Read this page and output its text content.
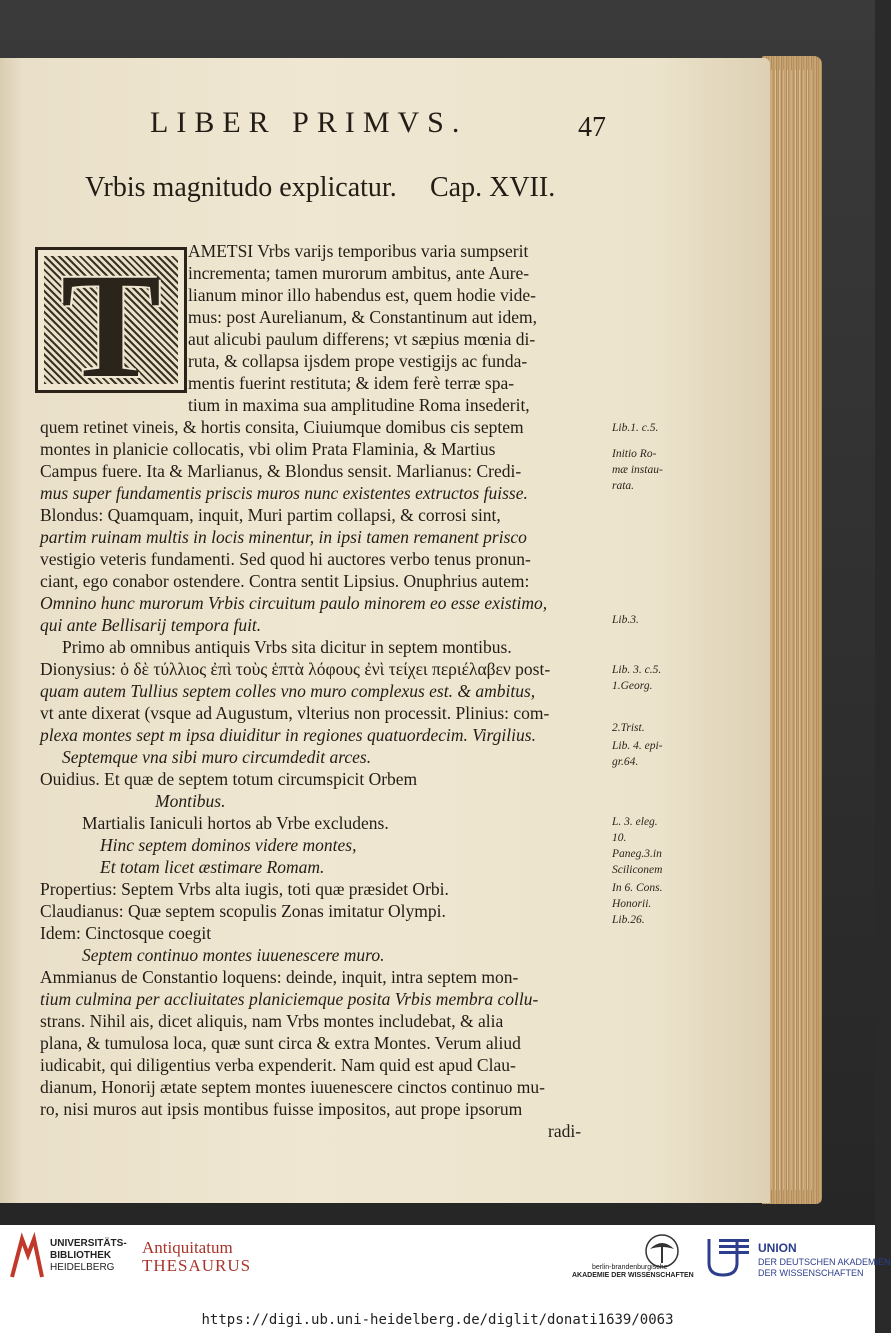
LIBER PRIMVS.	47
Vrbis magnitudo explicatur. Cap. XVII.
T	AMETSI Vrbs varijs temporibus varia sumpserit
incrementa; tamen murorum ambitus, ante Aure-
lianum minor illo habendus est, quem hodie vide-
mus: post Aurelianum, & Constantinum aut idem,
aut alicubi paulum differens; vt sæpius mœnia di-
ruta, & collapsa ijsdem prope vestigijs ac funda-
mentis fuerint restituta; & idem ferè terræ spa-
tium in maxima sua amplitudine Roma insederit,
quem retinet vineis, & hortis consita, Ciuiumque domibus cis septem
montes in planicie collocatis, vbi olim Prata Flaminia, & Martius
Campus fuere. Ita & Marlianus, & Blondus sensit. Marlianus: Credi-
mus super fundamentis priscis muros nunc existentes extructos fuisse.
Blondus: Quamquam, inquit, Muri partim collapsi, & corrosi sint,
partim ruinam multis in locis minentur, in ipsi tamen remanent prisco
vestigio veteris fundamenti. Sed quod hi auctores verbo tenus pronun-
ciant, ego conabor ostendere. Contra sentit Lipsius. Onuphrius autem:
Omnino hunc murorum Vrbis circuitum paulo minorem eo esse existimo,
qui ante Bellisarij tempora fuit.
Primo ab omnibus antiquis Vrbs sita dicitur in septem montibus.
Dionysius: ὁ δὲ τύλλιος ἐπὶ τοὺς ἑπτὰ λόφους ἐνὶ τείχει περιέλαβεν post-
quam autem Tullius septem colles vno muro complexus est. & ambitus,
vt ante dixerat (vsque ad Augustum, vlterius non processit. Plinius: com-
plexa montes sept m ipsa diuiditur in regiones quatuordecim. Virgilius.
Septemque vna sibi muro circumdedit arces.
Ouidius. Et quæ de septem totum circumspicit Orbem
Montibus.
Martialis Ianiculi hortos ab Vrbe excludens.
Hinc septem dominos videre montes,
Et totam licet æstimare Romam.
Propertius: Septem Vrbs alta iugis, toti quæ præsidet Orbi.
Claudianus: Quæ septem scopulis Zonas imitatur Olympi.
Idem: Cinctosque coegit
Septem continuo montes iuuenescere muro.
Ammianus de Constantio loquens: deinde, inquit, intra septem mon-
tium culmina per accliuitates planiciemque posita Vrbis membra collu-
strans. Nihil ais, dicet aliquis, nam Vrbs montes includebat, & alia
plana, & tumulosa loca, quæ sunt circa & extra Montes. Verum aliud
iudicabit, qui diligentius verba expenderit. Nam quid est apud Clau-
dianum, Honorij ætate septem montes iuuenescere cinctos continuo mu-
ro, nisi muros aut ipsis montibus fuisse impositos, aut prope ipsorum
radi-
Lib.1. c.5.
Initio Ro-
mæ instau-
rata.
Lib.3.
Lib. 3. c.5.
1.Georg.
2.Trist.
Lib. 4. epi-
gr.64.
L. 3. eleg.
10.
Paneg.3.in
Sciliconem
In 6. Cons.
Honorii.
Lib.26.
UNIVERSITÄTS-
BIBLIOTHEK
HEIDELBERG
Antiquitatum
THESAURUS	berlin-brandenburgische
AKADEMIE DER WISSENSCHAFTEN
UNION
DER DEUTSCHEN AKADEMIEN
DER WISSENSCHAFTEN
https://digi.ub.uni-heidelberg.de/diglit/donati1639/0063
